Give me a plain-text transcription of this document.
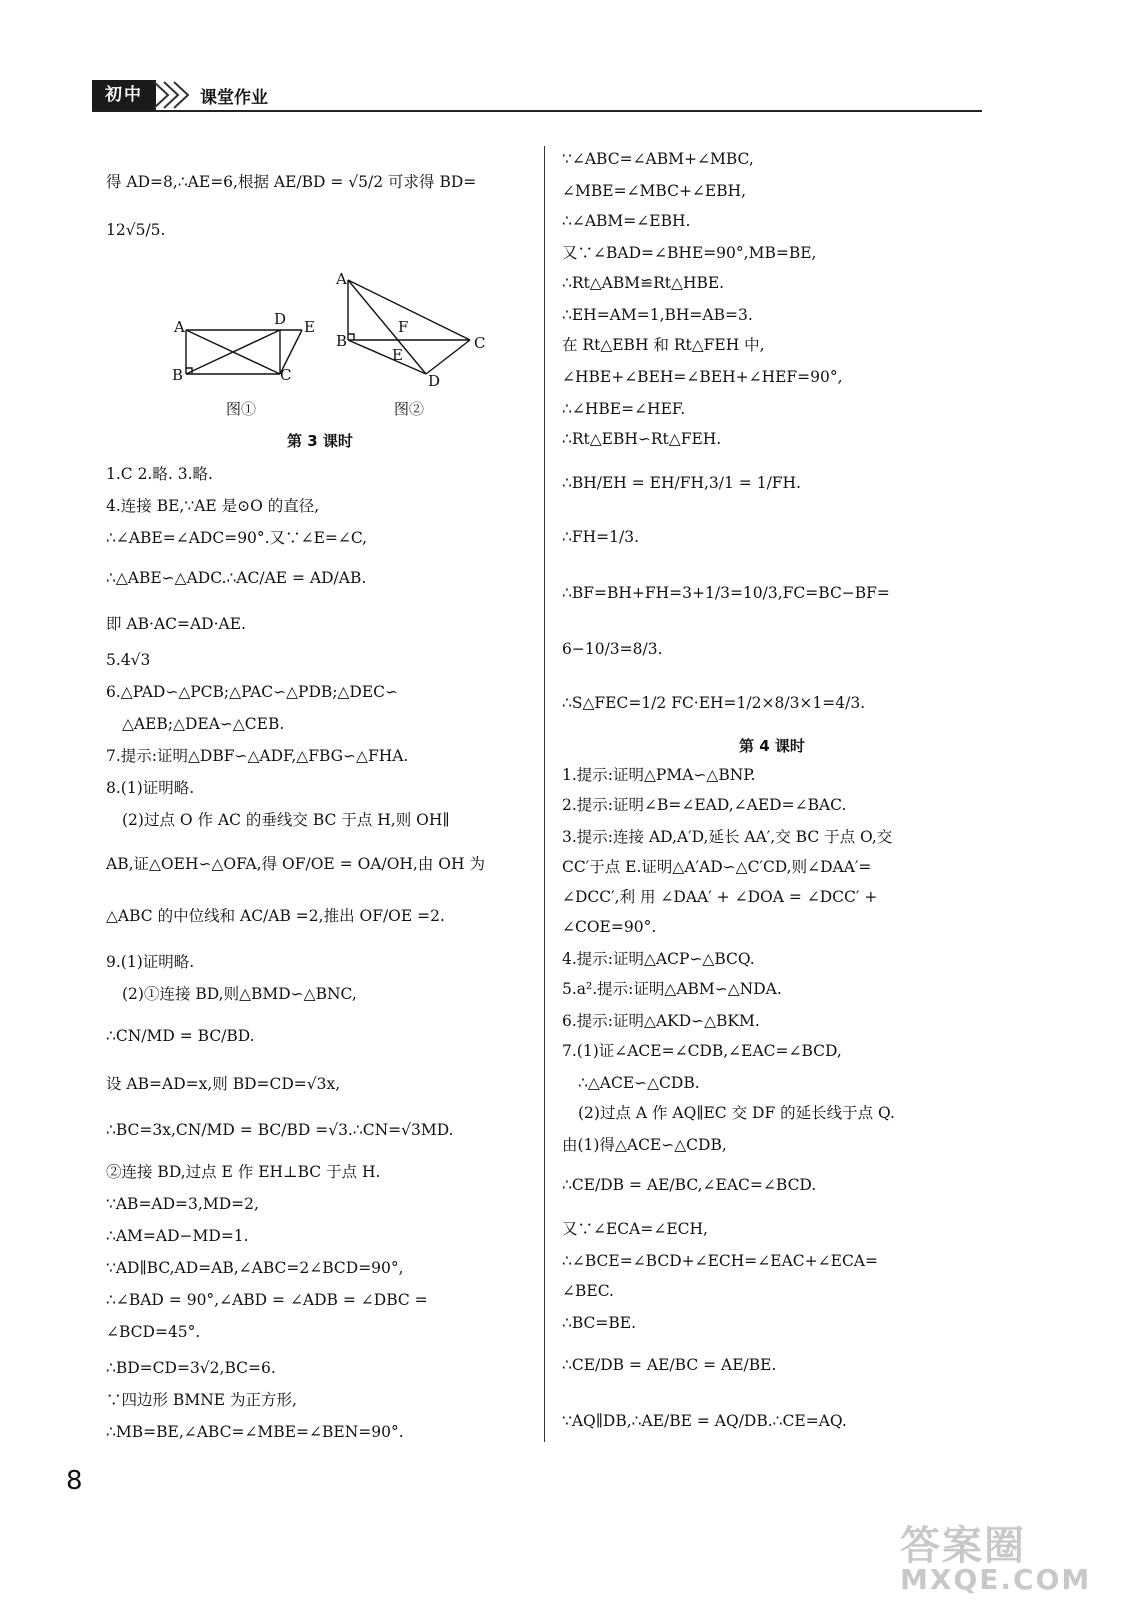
初中	课堂作业
得 AD=8,∴AE=6,根据 AE/BD = √5/2 可求得 BD=
12√5/5.
A
B	C
D E
A
B	C
D
E
F
图①	图②
第 3 课时
1.C 2.略. 3.略.
4.连接 BE,∵AE 是⊙O 的直径,
∴∠ABE=∠ADC=90°.又∵∠E=∠C,
∴△ABE∽△ADC.∴AC/AE = AD/AB.
即 AB·AC=AD·AE.
5.4√3
6.△PAD∽△PCB;△PAC∽△PDB;△DEC∽
△AEB;△DEA∽△CEB.
7.提示:证明△DBF∽△ADF,△FBG∽△FHA.
8.(1)证明略.
(2)过点 O 作 AC 的垂线交 BC 于点 H,则 OH∥
AB,证△OEH∽△OFA,得 OF/OE = OA/OH,由 OH 为
△ABC 的中位线和 AC/AB =2,推出 OF/OE =2.
9.(1)证明略.
(2)①连接 BD,则△BMD∽△BNC,
∴CN/MD = BC/BD.
设 AB=AD=x,则 BD=CD=√3x,
∴BC=3x,CN/MD = BC/BD =√3.∴CN=√3MD.
②连接 BD,过点 E 作 EH⊥BC 于点 H.
∵AB=AD=3,MD=2,
∴AM=AD−MD=1.
∵AD∥BC,AD=AB,∠ABC=2∠BCD=90°,
∴∠BAD = 90°,∠ABD = ∠ADB = ∠DBC =
∠BCD=45°.
∴BD=CD=3√2,BC=6.
∵四边形 BMNE 为正方形,
∴MB=BE,∠ABC=∠MBE=∠BEN=90°.
∵∠ABC=∠ABM+∠MBC,
∠MBE=∠MBC+∠EBH,
∴∠ABM=∠EBH.
又∵∠BAD=∠BHE=90°,MB=BE,
∴Rt△ABM≌Rt△HBE.
∴EH=AM=1,BH=AB=3.
在 Rt△EBH 和 Rt△FEH 中,
∠HBE+∠BEH=∠BEH+∠HEF=90°,
∴∠HBE=∠HEF.
∴Rt△EBH∽Rt△FEH.
∴BH/EH = EH/FH,3/1 = 1/FH.
∴FH=1/3.
∴BF=BH+FH=3+1/3=10/3,FC=BC−BF=
6−10/3=8/3.
∴S△FEC=1/2 FC·EH=1/2×8/3×1=4/3.
第 4 课时
1.提示:证明△PMA∽△BNP.
2.提示:证明∠B=∠EAD,∠AED=∠BAC.
3.提示:连接 AD,A′D,延长 AA′,交 BC 于点 O,交
CC′于点 E.证明△A′AD∽△C′CD,则∠DAA′=
∠DCC′,利 用 ∠DAA′ + ∠DOA = ∠DCC′ +
∠COE=90°.
4.提示:证明△ACP∽△BCQ.
5.a².提示:证明△ABM∽△NDA.
6.提示:证明△AKD∽△BKM.
7.(1)证∠ACE=∠CDB,∠EAC=∠BCD,
∴△ACE∽△CDB.
(2)过点 A 作 AQ∥EC 交 DF 的延长线于点 Q.
由(1)得△ACE∽△CDB,
∴CE/DB = AE/BC,∠EAC=∠BCD.
又∵∠ECA=∠ECH,
∴∠BCE=∠BCD+∠ECH=∠EAC+∠ECA=
∠BEC.
∴BC=BE.
∴CE/DB = AE/BC = AE/BE.
∵AQ∥DB,∴AE/BE = AQ/DB.∴CE=AQ.
8
答案圈
MXQE.COM
